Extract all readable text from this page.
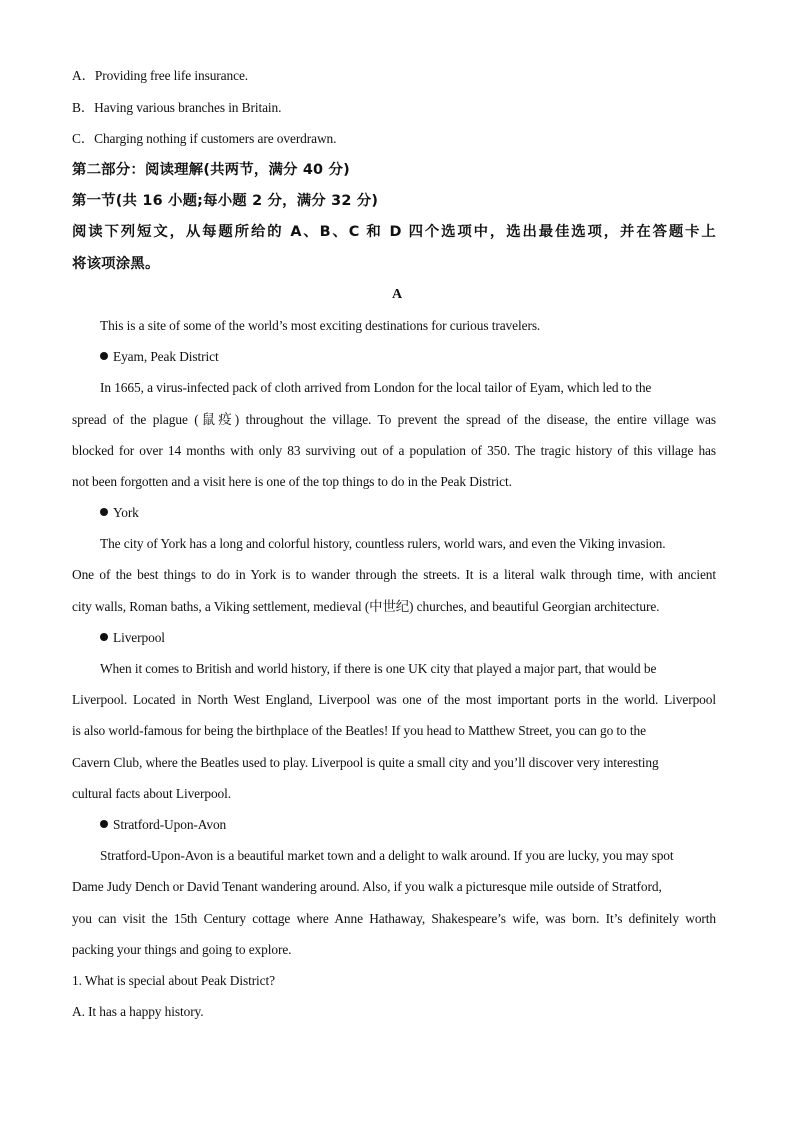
A．Providing free life insurance.
B．Having various branches in Britain.
C．Charging nothing if customers are overdrawn.
第二部分：阅读理解(共两节，满分 40 分)
第一节(共 16 小题;每小题 2 分，满分 32 分)
阅读下列短文，从每题所给的 A、B、C 和 D 四个选项中，选出最佳选项，并在答题卡上
将该项涂黑。
A
This is a site of some of the world’s most exciting destinations for curious travelers.
Eyam, Peak District
In 1665, a virus-infected pack of cloth arrived from London for the local tailor of Eyam, which led to the
spread of the plague (鼠疫) throughout the village. To prevent the spread of the disease, the entire village was
blocked for over 14 months with only 83 surviving out of a population of 350. The tragic history of this village has
not been forgotten and a visit here is one of the top things to do in the Peak District.
York
The city of York has a long and colorful history, countless rulers, world wars, and even the Viking invasion.
One of the best things to do in York is to wander through the streets. It is a literal walk through time, with ancient
city walls, Roman baths, a Viking settlement, medieval (中世纪) churches, and beautiful Georgian architecture.
Liverpool
When it comes to British and world history, if there is one UK city that played a major part, that would be
Liverpool. Located in North West England, Liverpool was one of the most important ports in the world. Liverpool
is also world-famous for being the birthplace of the Beatles! If you head to Matthew Street, you can go to the
Cavern Club, where the Beatles used to play. Liverpool is quite a small city and you’ll discover very interesting
cultural facts about Liverpool.
Stratford-Upon-Avon
Stratford-Upon-Avon is a beautiful market town and a delight to walk around. If you are lucky, you may spot
Dame Judy Dench or David Tenant wandering around. Also, if you walk a picturesque mile outside of Stratford,
you can visit the 15th Century cottage where Anne Hathaway, Shakespeare’s wife, was born. It’s definitely worth
packing your things and going to explore.
1. What is special about Peak District?
A. It has a happy history.
